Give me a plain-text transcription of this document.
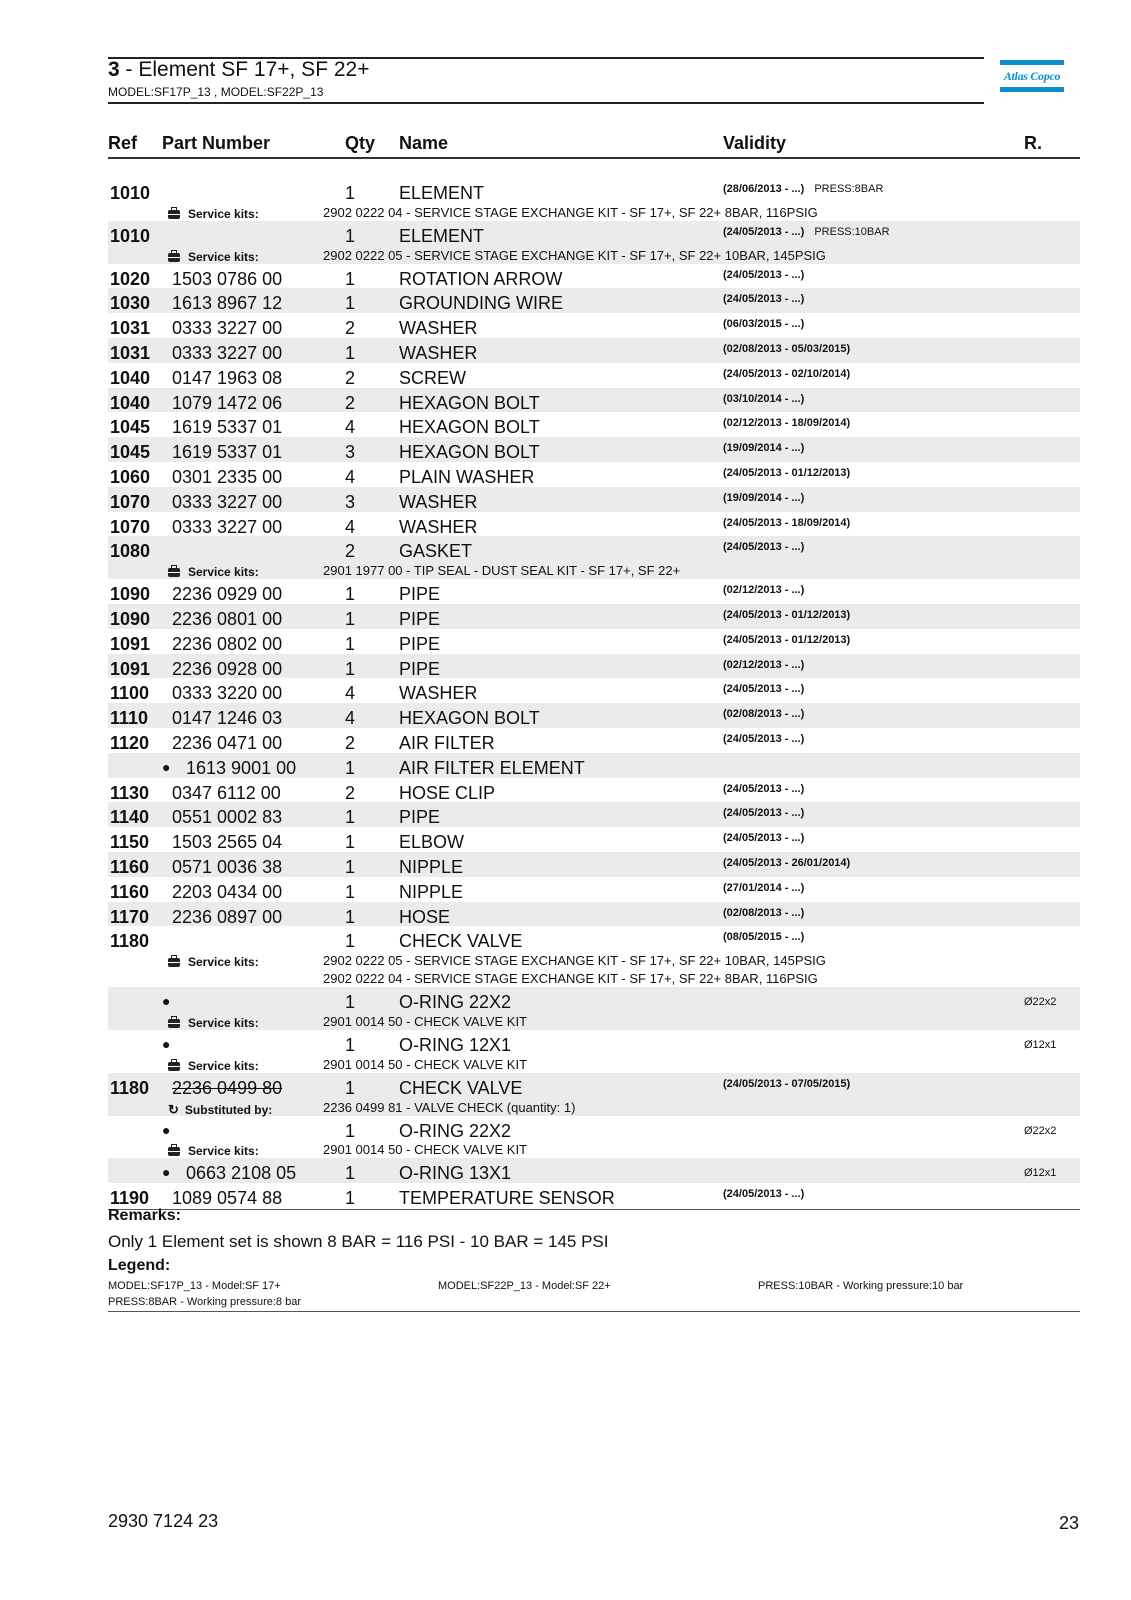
3 - Element SF 17+, SF 22+
MODEL:SF17P_13 , MODEL:SF22P_13
Atlas Copco
Ref Part Number	Qty Name	Validity	R.
1010	1 ELEMENT	(28/06/2013 - ...) PRESS:8BAR
Service kits:	2902 0222 04 - SERVICE STAGE EXCHANGE KIT - SF 17+, SF 22+ 8BAR, 116PSIG
1010	1 ELEMENT	(24/05/2013 - ...) PRESS:10BAR
Service kits:	2902 0222 05 - SERVICE STAGE EXCHANGE KIT - SF 17+, SF 22+ 10BAR, 145PSIG
1020 1503 0786 00	1 ROTATION ARROW	(24/05/2013 - ...)
1030 1613 8967 12	1 GROUNDING WIRE	(24/05/2013 - ...)
1031 0333 3227 00	2 WASHER	(06/03/2015 - ...)
1031 0333 3227 00	1 WASHER	(02/08/2013 - 05/03/2015)
1040 0147 1963 08	2 SCREW	(24/05/2013 - 02/10/2014)
1040 1079 1472 06	2 HEXAGON BOLT	(03/10/2014 - ...)
1045 1619 5337 01	4 HEXAGON BOLT	(02/12/2013 - 18/09/2014)
1045 1619 5337 01	3 HEXAGON BOLT	(19/09/2014 - ...)
1060 0301 2335 00	4 PLAIN WASHER	(24/05/2013 - 01/12/2013)
1070 0333 3227 00	3 WASHER	(19/09/2014 - ...)
1070 0333 3227 00	4 WASHER	(24/05/2013 - 18/09/2014)
1080	2 GASKET	(24/05/2013 - ...)
Service kits:	2901 1977 00 - TIP SEAL - DUST SEAL KIT - SF 17+, SF 22+
1090 2236 0929 00	1 PIPE	(02/12/2013 - ...)
1090 2236 0801 00	1 PIPE	(24/05/2013 - 01/12/2013)
1091 2236 0802 00	1 PIPE	(24/05/2013 - 01/12/2013)
1091 2236 0928 00	1 PIPE	(02/12/2013 - ...)
1100 0333 3220 00	4 WASHER	(24/05/2013 - ...)
1110 0147 1246 03	4 HEXAGON BOLT	(02/08/2013 - ...)
1120 2236 0471 00	2 AIR FILTER	(24/05/2013 - ...)
● 1613 9001 00	1 AIR FILTER ELEMENT
1130 0347 6112 00	2 HOSE CLIP	(24/05/2013 - ...)
1140 0551 0002 83	1 PIPE	(24/05/2013 - ...)
1150 1503 2565 04	1 ELBOW	(24/05/2013 - ...)
1160 0571 0036 38	1 NIPPLE	(24/05/2013 - 26/01/2014)
1160 2203 0434 00	1 NIPPLE	(27/01/2014 - ...)
1170 2236 0897 00	1 HOSE	(02/08/2013 - ...)
1180	1 CHECK VALVE	(08/05/2015 - ...)
Service kits:	2902 0222 05 - SERVICE STAGE EXCHANGE KIT - SF 17+, SF 22+ 10BAR, 145PSIG
2902 0222 04 - SERVICE STAGE EXCHANGE KIT - SF 17+, SF 22+ 8BAR, 116PSIG
●	1 O-RING 22X2	Ø22x2
Service kits:	2901 0014 50 - CHECK VALVE KIT
●	1 O-RING 12X1	Ø12x1
Service kits:	2901 0014 50 - CHECK VALVE KIT
1180 2236 0499 80	1 CHECK VALVE	(24/05/2013 - 07/05/2015)
↻ Substituted by:	2236 0499 81 - VALVE CHECK (quantity: 1)
●	1 O-RING 22X2	Ø22x2
Service kits:	2901 0014 50 - CHECK VALVE KIT
● 0663 2108 05	1 O-RING 13X1	Ø12x1
1190 1089 0574 88	1 TEMPERATURE SENSOR	(24/05/2013 - ...)
Remarks:
Only 1 Element set is shown 8 BAR = 116 PSI - 10 BAR = 145 PSI
Legend:
MODEL:SF17P_13 - Model:SF 17+	MODEL:SF22P_13 - Model:SF 22+	PRESS:10BAR - Working pressure:10 bar
PRESS:8BAR - Working pressure:8 bar
2930 7124 23	23
